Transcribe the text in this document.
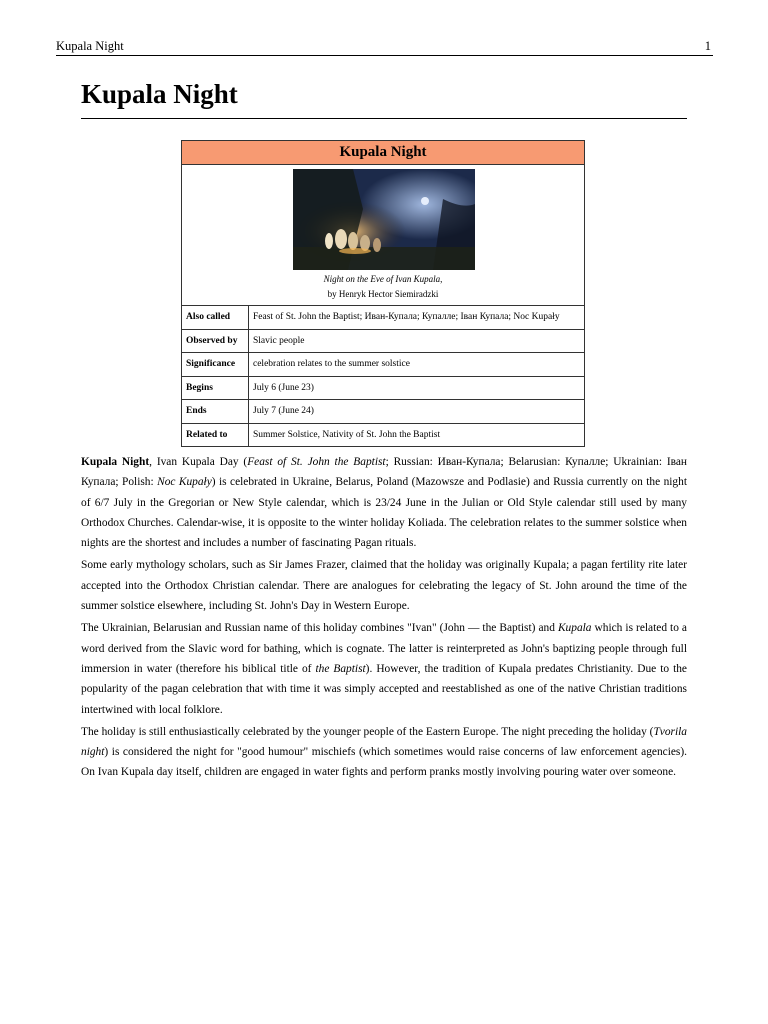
Kupala Night	1
Kupala Night
Kupala Night
Night on the Eve of Ivan Kupala,
by Henryk Hector Siemiradzki
Also called	Feast of St. John the Baptist; Иван-Купала; Купалле; Іван Купала; Noc Kupały
Observed by	Slavic people
Significance	celebration relates to the summer solstice
Begins	July 6 (June 23)
Ends	July 7 (June 24)
Related to	Summer Solstice, Nativity of St. John the Baptist

Kupala Night, Ivan Kupala Day (Feast of St. John the Baptist; Russian: Иван-Купала; Belarusian: Купалле; Ukrainian: Іван Купала; Polish: Noc Kupały) is celebrated in Ukraine, Belarus, Poland (Mazowsze and Podlasie) and Russia currently on the night of 6/7 July in the Gregorian or New Style calendar, which is 23/24 June in the Julian or Old Style calendar still used by many Orthodox Churches. Calendar-wise, it is opposite to the winter holiday Koliada. The celebration relates to the summer solstice when nights are the shortest and includes a number of fascinating Pagan rituals.

Some early mythology scholars, such as Sir James Frazer, claimed that the holiday was originally Kupala; a pagan fertility rite later accepted into the Orthodox Christian calendar. There are analogues for celebrating the legacy of St. John around the time of the summer solstice elsewhere, including St. John's Day in Western Europe.

The Ukrainian, Belarusian and Russian name of this holiday combines "Ivan" (John — the Baptist) and Kupala which is related to a word derived from the Slavic word for bathing, which is cognate. The latter is reinterpreted as John's baptizing people through full immersion in water (therefore his biblical title of the Baptist). However, the tradition of Kupala predates Christianity. Due to the popularity of the pagan celebration that with time it was simply accepted and reestablished as one of the native Christian traditions intertwined with local folklore.

The holiday is still enthusiastically celebrated by the younger people of the Eastern Europe. The night preceding the holiday (Tvorila night) is considered the night for "good humour" mischiefs (which sometimes would raise concerns of law enforcement agencies). On Ivan Kupala day itself, children are engaged in water fights and perform pranks mostly involving pouring water over someone.
